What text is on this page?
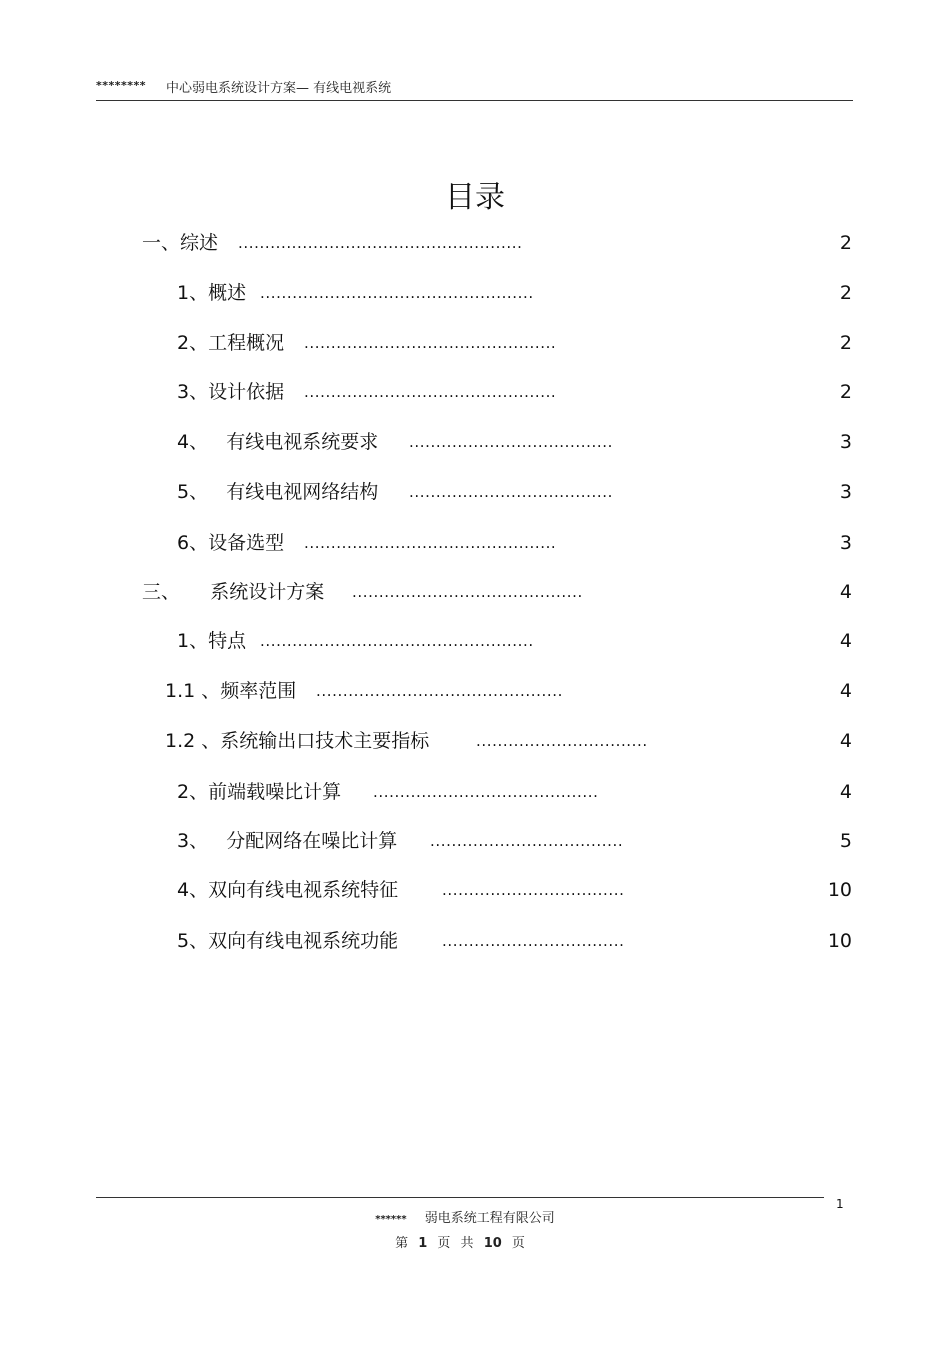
******** 中心弱电系统设计方案— 有线电视系统
目录
一、综述 .....................................................	2
1、概述 ...................................................	2
2、工程概况 ...............................................	2
3、设计依据 ...............................................	2
4、   有线电视系统要求 ......................................	3
5、   有线电视网络结构 ......................................	3
6、设备选型 ...............................................	3
三、     系统设计方案 ...........................................	4
1、特点 ...................................................	4
1.1 、频率范围 ..............................................	4
1.2 、系统输出口技术主要指标	................................	4
2、前端载噪比计算 ..........................................	4
3、   分配网络在噪比计算 ....................................	5
4、双向有线电视系统特征	..................................	10
5、双向有线电视系统功能	..................................	10
1
****** 弱电系统工程有限公司
第 1 页 共 10 页
